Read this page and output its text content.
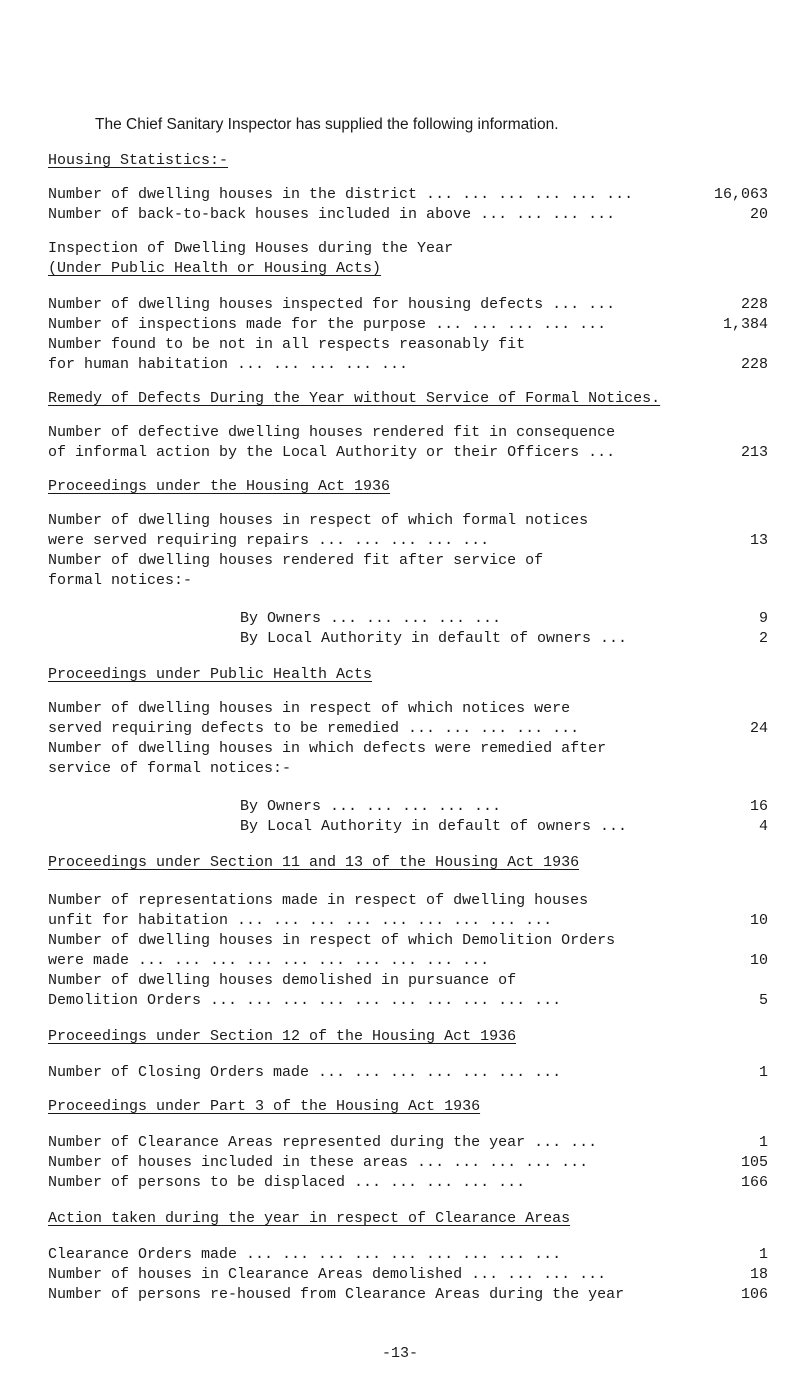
The Chief Sanitary Inspector has supplied the following information.
Housing Statistics:-
Number of dwelling houses in the district ... ... ... ... ... ...	16,063
Number of back-to-back houses included in above ... ... ... ...	20
Inspection of Dwelling Houses during the Year
(Under Public Health or Housing Acts)
Number of dwelling houses inspected for housing defects ... ...	228
Number of inspections made for the purpose ... ... ... ... ...	1,384
Number found to be not in all respects reasonably fit
for human habitation ... ... ... ... ...	228
Remedy of Defects During the Year without Service of Formal Notices.
Number of defective dwelling houses rendered fit in consequence
of informal action by the Local Authority or their Officers ...	213
Proceedings under the Housing Act 1936
Number of dwelling houses in respect of which formal notices
were served requiring repairs ... ... ... ... ...	13
Number of dwelling houses rendered fit after service of
formal notices:-
By Owners ... ... ... ... ...	9
By Local Authority in default of owners ...	2
Proceedings under Public Health Acts
Number of dwelling houses in respect of which notices were
served requiring defects to be remedied ... ... ... ... ...	24
Number of dwelling houses in which defects were remedied after
service of formal notices:-
By Owners ... ... ... ... ...	16
By Local Authority in default of owners ...	4
Proceedings under Section 11 and 13 of the Housing Act 1936
Number of representations made in respect of dwelling houses
unfit for habitation ... ... ... ... ... ... ... ... ...	10
Number of dwelling houses in respect of which Demolition Orders
were made ... ... ... ... ... ... ... ... ... ...	10
Number of dwelling houses demolished in pursuance of
Demolition Orders ... ... ... ... ... ... ... ... ... ...	5
Proceedings under Section 12 of the Housing Act 1936
Number of Closing Orders made ... ... ... ... ... ... ...	1
Proceedings under Part 3 of the Housing Act 1936
Number of Clearance Areas represented during the year ... ...	1
Number of houses included in these areas ... ... ... ... ...	105
Number of persons to be displaced ... ... ... ... ...	166
Action taken during the year in respect of Clearance Areas
Clearance Orders made ... ... ... ... ... ... ... ... ...	1
Number of houses in Clearance Areas demolished ... ... ... ...	18
Number of persons re-housed from Clearance Areas during the year	106
-13-
